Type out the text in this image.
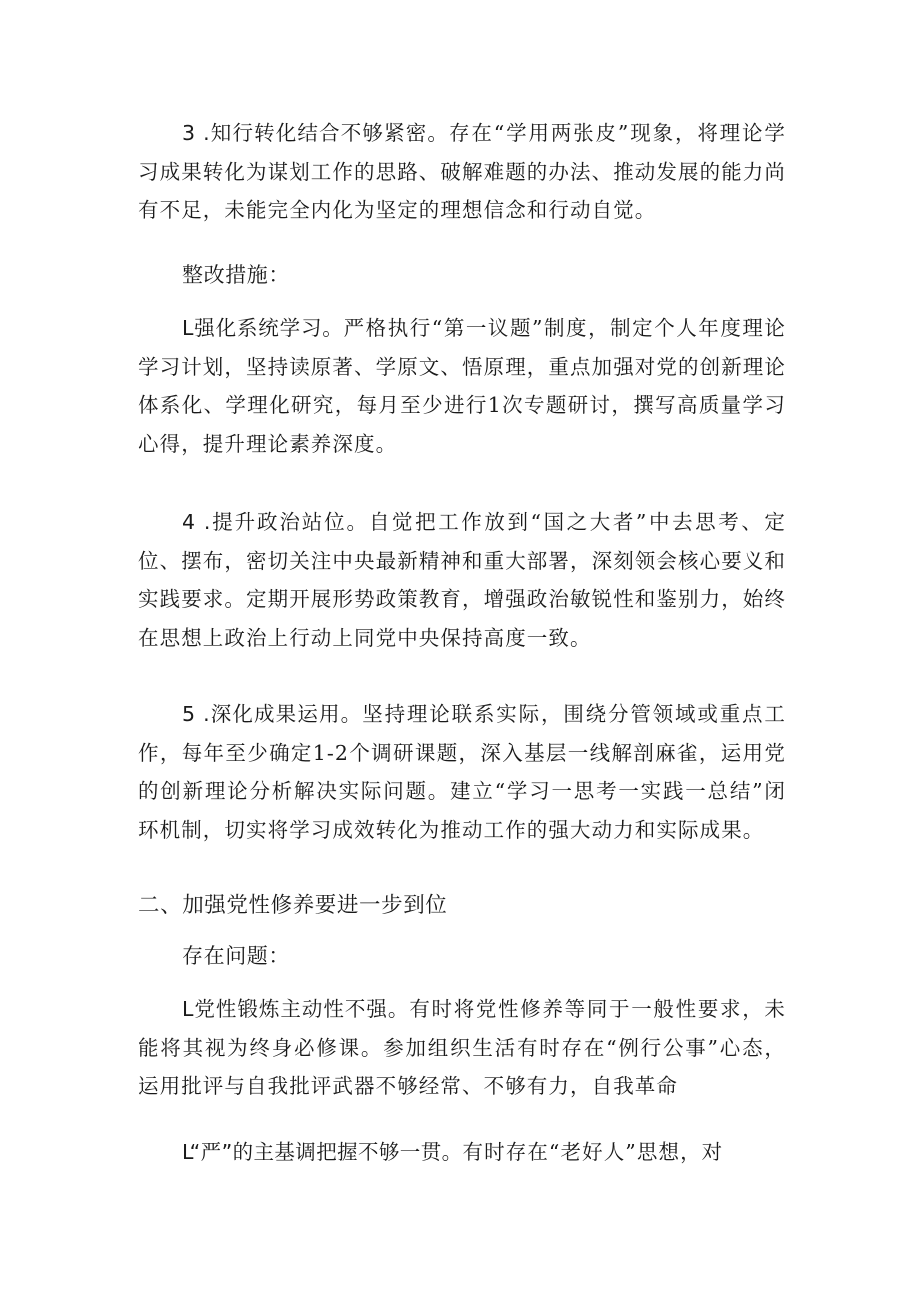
3 .知行转化结合不够紧密。存在“学用两张皮”现象，将理论学习成果转化为谋划工作的思路、破解难题的办法、推动发展的能力尚有不足，未能完全内化为坚定的理想信念和行动自觉。

整改措施：

L强化系统学习。严格执行“第一议题”制度，制定个人年度理论学习计划，坚持读原著、学原文、悟原理，重点加强对党的创新理论体系化、学理化研究，每月至少进行1次专题研讨，撰写高质量学习心得，提升理论素养深度。

4 .提升政治站位。自觉把工作放到“国之大者”中去思考、定位、摆布，密切关注中央最新精神和重大部署，深刻领会核心要义和实践要求。定期开展形势政策教育，增强政治敏锐性和鉴别力，始终在思想上政治上行动上同党中央保持高度一致。

5 .深化成果运用。坚持理论联系实际，围绕分管领域或重点工作，每年至少确定1-2个调研课题，深入基层一线解剖麻雀，运用党的创新理论分析解决实际问题。建立“学习一思考一实践一总结”闭环机制，切实将学习成效转化为推动工作的强大动力和实际成果。

二、加强党性修养要进一步到位

存在问题：

L党性锻炼主动性不强。有时将党性修养等同于一般性要求，未能将其视为终身必修课。参加组织生活有时存在“例行公事”心态，运用批评与自我批评武器不够经常、不够有力，自我革命

L“严”的主基调把握不够一贯。有时存在“老好人”思想，对
